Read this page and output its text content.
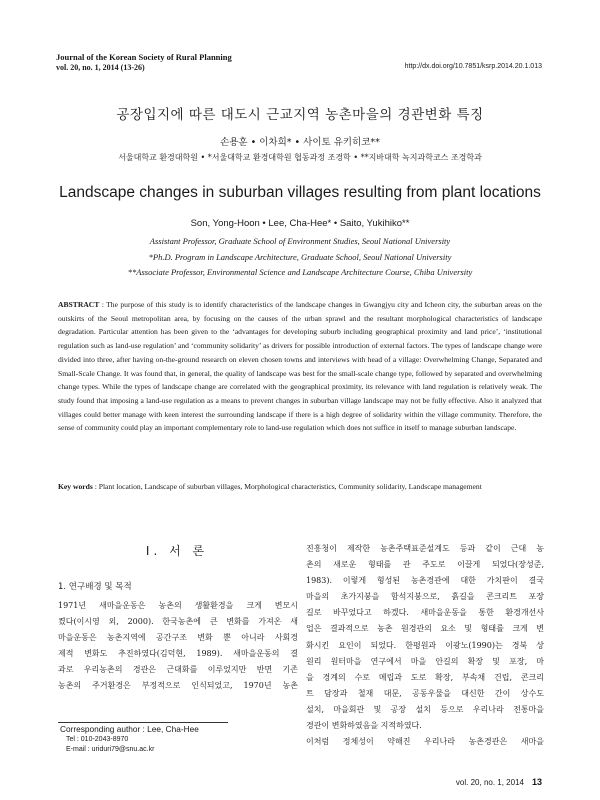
Journal of the Korean Society of Rural Planning
vol. 20, no. 1, 2014 (13-26)	http://dx.doi.org/10.7851/ksrp.2014.20.1.013
공장입지에 따른 대도시 근교지역 농촌마을의 경관변화 특징
손용훈 • 이차희* • 사이토 유키히코**
서울대학교 환경대학원 • *서울대학교 환경대학원 협동과정 조경학 • **지바대학 녹지과학코스 조경학과
Landscape changes in suburban villages resulting from plant locations
Son, Yong-Hoon • Lee, Cha-Hee* • Saito, Yukihiko**
Assistant Professor, Graduate School of Environment Studies, Seoul National University
*Ph.D. Program in Landscape Architecture, Graduate School, Seoul National University
**Associate Professor, Environmental Science and Landscape Architecture Course, Chiba University
ABSTRACT : The purpose of this study is to identify characteristics of the landscape changes in Gwangjyu city and Icheon city, the suburban areas on the outskirts of the Seoul metropolitan area, by focusing on the causes of the urban sprawl and the resultant morphological characteristics of landscape degradation. Particular attention has been given to the ‘advantages for developing suburb including geographical proximity and land price’, ‘institutional regulation such as land-use regulation’ and ‘community solidarity’ as drivers for possible introduction of external factors. The types of landscape change were divided into three, after having on-the-ground research on eleven chosen towns and interviews with head of a village: Overwhelming Change, Separated and Small-Scale Change. It was found that, in general, the quality of landscape was best for the small-scale change type, followed by separated and overwhelming change types. While the types of landscape change are correlated with the geographical proximity, its relevance with land regulation is relatively weak. The study found that imposing a land-use regulation as a means to prevent changes in suburban village landscape may not be fully effective. Also it analyzed that villages could better manage with keen interest the surrounding landscape if there is a high degree of solidarity within the village community. Therefore, the sense of community could play an important complementary role to land-use regulation which does not suffice in itself to manage suburban landscape.
Key words : Plant location, Landscape of suburban villages, Morphological characteristics, Community solidarity, Landscape management
Ⅰ. 서 론
1. 연구배경 및 목적
1971년 새마을운동은 농촌의 생활환경을 크게 변모시
켰다(이시영 외, 2000). 한국농촌에 큰 변화를 가져온 새
마을운동은 농촌지역에 공간구조 변화 뿐 아니라 사회경
제적 변화도 추진하였다(김덕현, 1989). 새마을운동의 결
과로 우리농촌의 경관은 근대화를 이루었지만 반면 기존
농촌의 주거환경은 부정적으로 인식되었고, 1970년 농촌
진흥청이 제작한 농촌주택표준설계도 등과 같이 근대 농
촌의 새로운 형태를 관 주도로 이끌게 되었다(장성준,
1983). 이렇게 형성된 농촌경관에 대한 가치판이 결국
마을의 초가지붕을 함석지붕으로, 흙길을 콘크리트 포장
길로 바꾸었다고 하겠다. 새마을운동을 통한 환경개선사
업은 결과적으로 농촌 원경관의 요소 및 형태를 크게 변
화시킨 요인이 되었다. 한평원과 이광노(1990)는 경북 상
원리 원터마을 연구에서 마을 안길의 확장 및 포장, 마
을 경계의 수로 메립과 도로 확장, 부속채 건립, 콘크리
트 담장과 철재 대문, 공동우물을 대신한 간이 상수도
설치, 마을회관 및 공장 설치 등으로 우리나라 전통마을
경관이 변화하였음을 지적하였다.
이처럼 정체성이 약해진 우리나라 농촌경관은 새마을
Corresponding author : Lee, Cha-Hee
Tel : 010-2043-8970
E-mail : uriduri79@snu.ac.kr
vol. 20, no. 1, 2014 13
